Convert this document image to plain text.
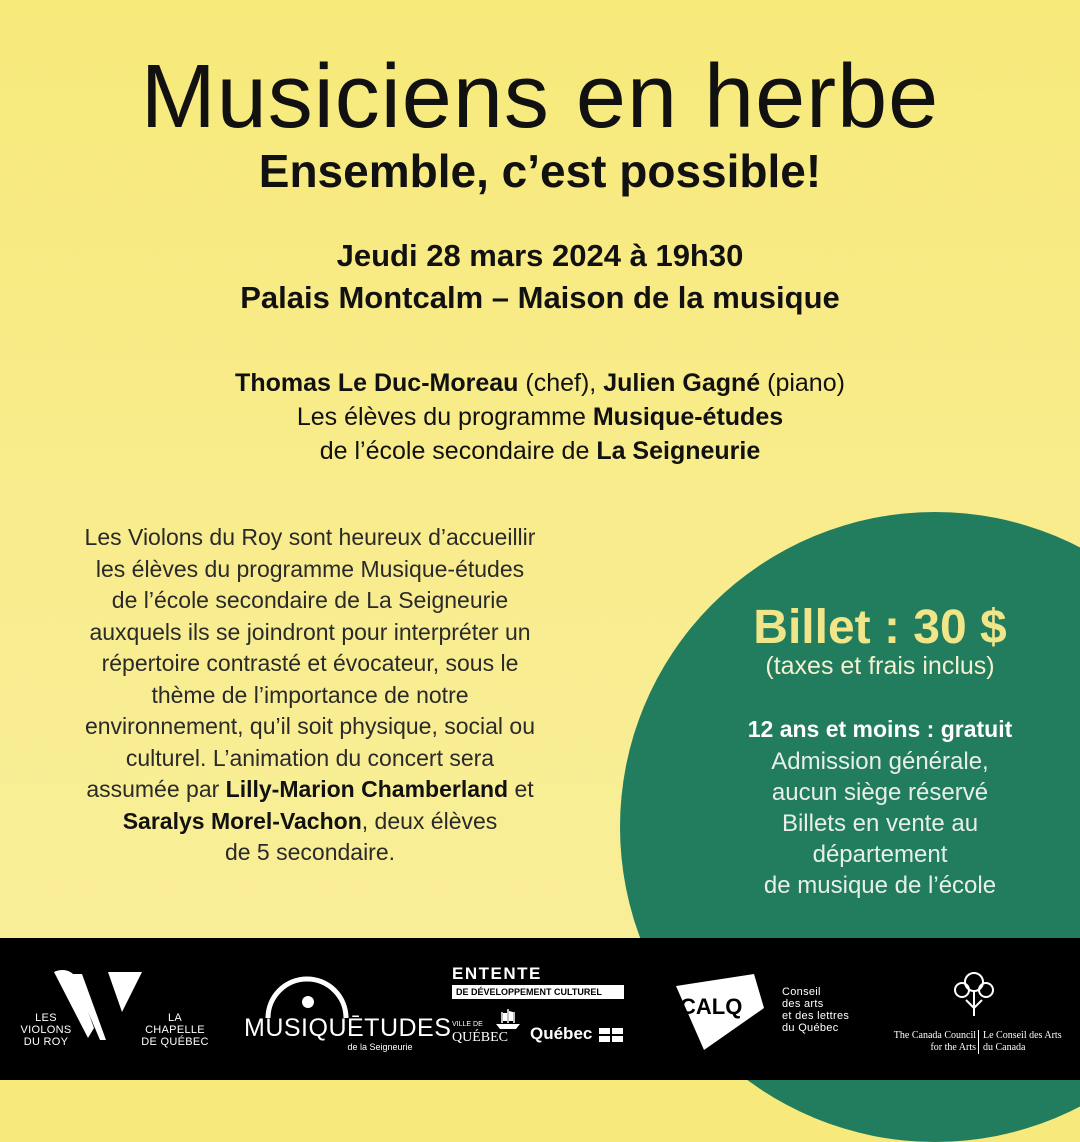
Musiciens en herbe
Ensemble, c’est possible!
Jeudi 28 mars 2024 à 19h30
Palais Montcalm – Maison de la musique
Thomas Le Duc-Moreau (chef), Julien Gagné (piano)
Les élèves du programme Musique-études
de l’école secondaire de La Seigneurie
Les Violons du Roy sont heureux d’accueillir
les élèves du programme Musique-études
de l’école secondaire de La Seigneurie
auxquels ils se joindront pour interpréter un
répertoire contrasté et évocateur, sous le
thème de l’importance de notre
environnement, qu’il soit physique, social ou
culturel. L’animation du concert sera
assumée par Lilly-Marion Chamberland et
Saralys Morel-Vachon, deux élèves
de 5 secondaire.
Billet : 30 $
(taxes et frais inclus)
12 ans et moins : gratuit
Admission générale,
aucun siège réservé
Billets en vente au
département
de musique de l’école
LES
VIOLONS
DU ROY
LA
CHAPELLE
DE QUÉBEC	MUSIQUĒTUDES
de la Seigneurie
ENTENTE
DE DÉVELOPPEMENT CULTUREL
VILLE DE
QUÉBEC Québec
CALQ
Conseil
des arts
et des lettres
du Québec
The Canada Council
for the Arts
Le Conseil des Arts
du Canada
